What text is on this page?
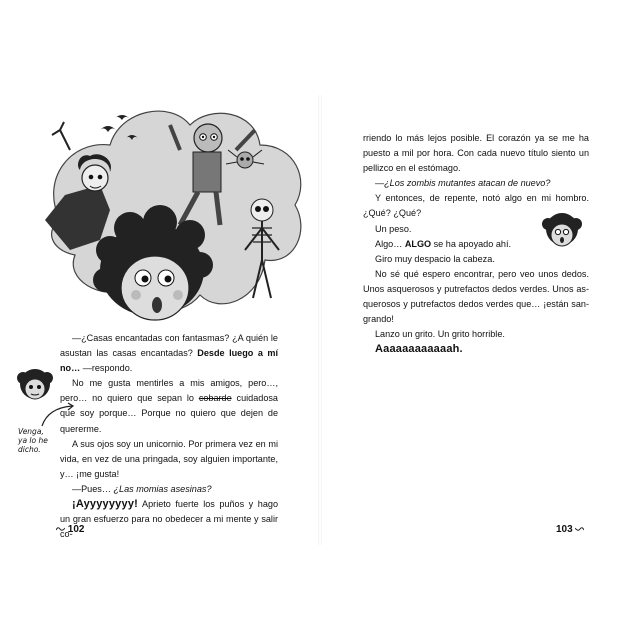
—¿Casas encantadas con fantasmas? ¿A quién le asustan las casas encantadas? Desde luego a mí no… —respondo.

No me gusta mentirles a mis amigos, pero…, pero… no quiero que sepan lo cobarde cuidadosa que soy porque… Porque no quiero que dejen de quererme.

A sus ojos soy un unicornio. Por primera vez en mi vida, en vez de una pringada, soy alguien importante, y… ¡me gusta!

—Pues… ¿Las momias asesinas?

¡Ayyyyyyyy! Aprieto fuerte los puños y hago un gran esfuerzo para no obedecer a mi mente y salir co-

Venga,
ya lo he
dicho.
102

rriendo lo más lejos posible. El corazón ya se me ha puesto a mil por hora. Con cada nuevo título siento un pellizco en el estómago.

—¿Los zombis mutantes atacan de nuevo?

Y entonces, de repente, notó algo en mi hombro. ¿Qué? ¿Qué?

Un peso.

Algo… ALGO se ha apoyado ahí.

Giro muy despacio la cabeza.

No sé qué espero encontrar, pero veo unos dedos. Unos asquerosos y putrefactos dedos verdes. Unos asquerosos y putrefactos dedos verdes que… ¡están sangrando!

Lanzo un grito. Un grito horrible.

Aaaaaaaaaaaah.

103
